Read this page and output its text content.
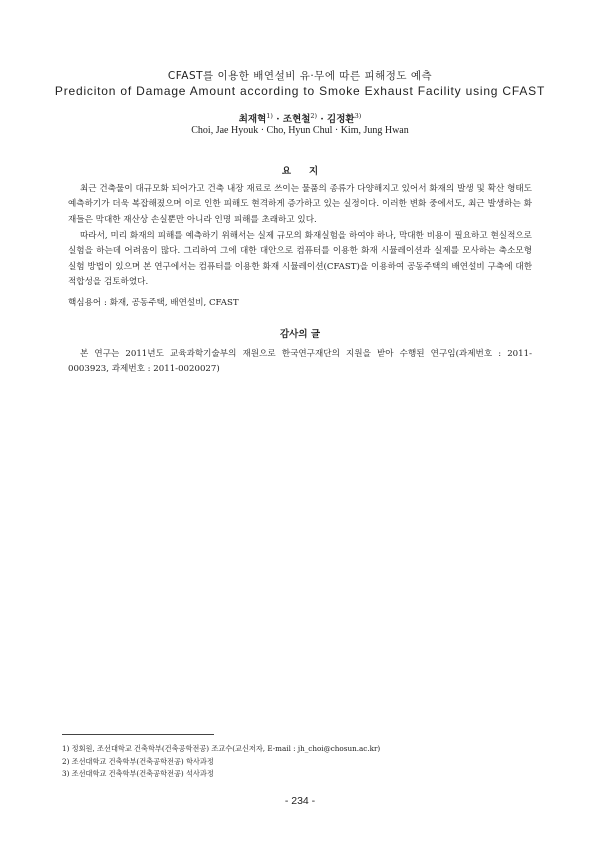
CFAST를 이용한 배연설비 유·무에 따른 피해정도 예측
Prediciton of Damage Amount according to Smoke Exhaust Facility using CFAST
최재혁$^{1)}$ · 조현철$^{2)}$ · 김정환$^{3)}$
Choi, Jae Hyouk · Cho, Hyun Chul · Kim, Jung Hwan
요지

최근 건축물이 대규모화 되어가고 건축 내장 재료로 쓰이는 물품의 종류가 다양해지고 있어서 화재의 발생 및 확산 형태도 예측하기가 더욱 복잡해졌으며 이로 인한 피해도 현격하게 증가하고 있는 실정이다. 이러한 변화 중에서도, 최근 발생하는 화재들은 막대한 재산상 손실뿐만 아니라 인명 피해를 초래하고 있다.

따라서, 미리 화재의 피해를 예측하기 위해서는 실제 규모의 화재실험을 하여야 하나, 막대한 비용이 필요하고 현실적으로 실험을 하는데 어려움이 많다. 그리하여 그에 대한 대안으로 컴퓨터를 이용한 화재 시뮬레이션과 실제를 모사하는 축소모형 실험 방법이 있으며 본 연구에서는 컴퓨터를 이용한 화재 시뮬레이션(CFAST)을 이용하여 공동주택의 배연설비 구축에 대한 적합성을 검토하였다.

핵심용어 : 화재, 공동주택, 배연설비, CFAST
감사의 글

본 연구는 2011년도 교육과학기술부의 재원으로 한국연구재단의 지원을 받아 수행된 연구임(과제번호 : 2011-0003923, 과제번호 : 2011-0020027)

1) 정회원, 조선대학교 건축학부(건축공학전공) 조교수(교신저자, E-mail : jh_choi@chosun.ac.kr)
2) 조선대학교 건축학부(건축공학전공) 학사과정
3) 조선대학교 건축학부(건축공학전공) 석사과정
- 234 -
